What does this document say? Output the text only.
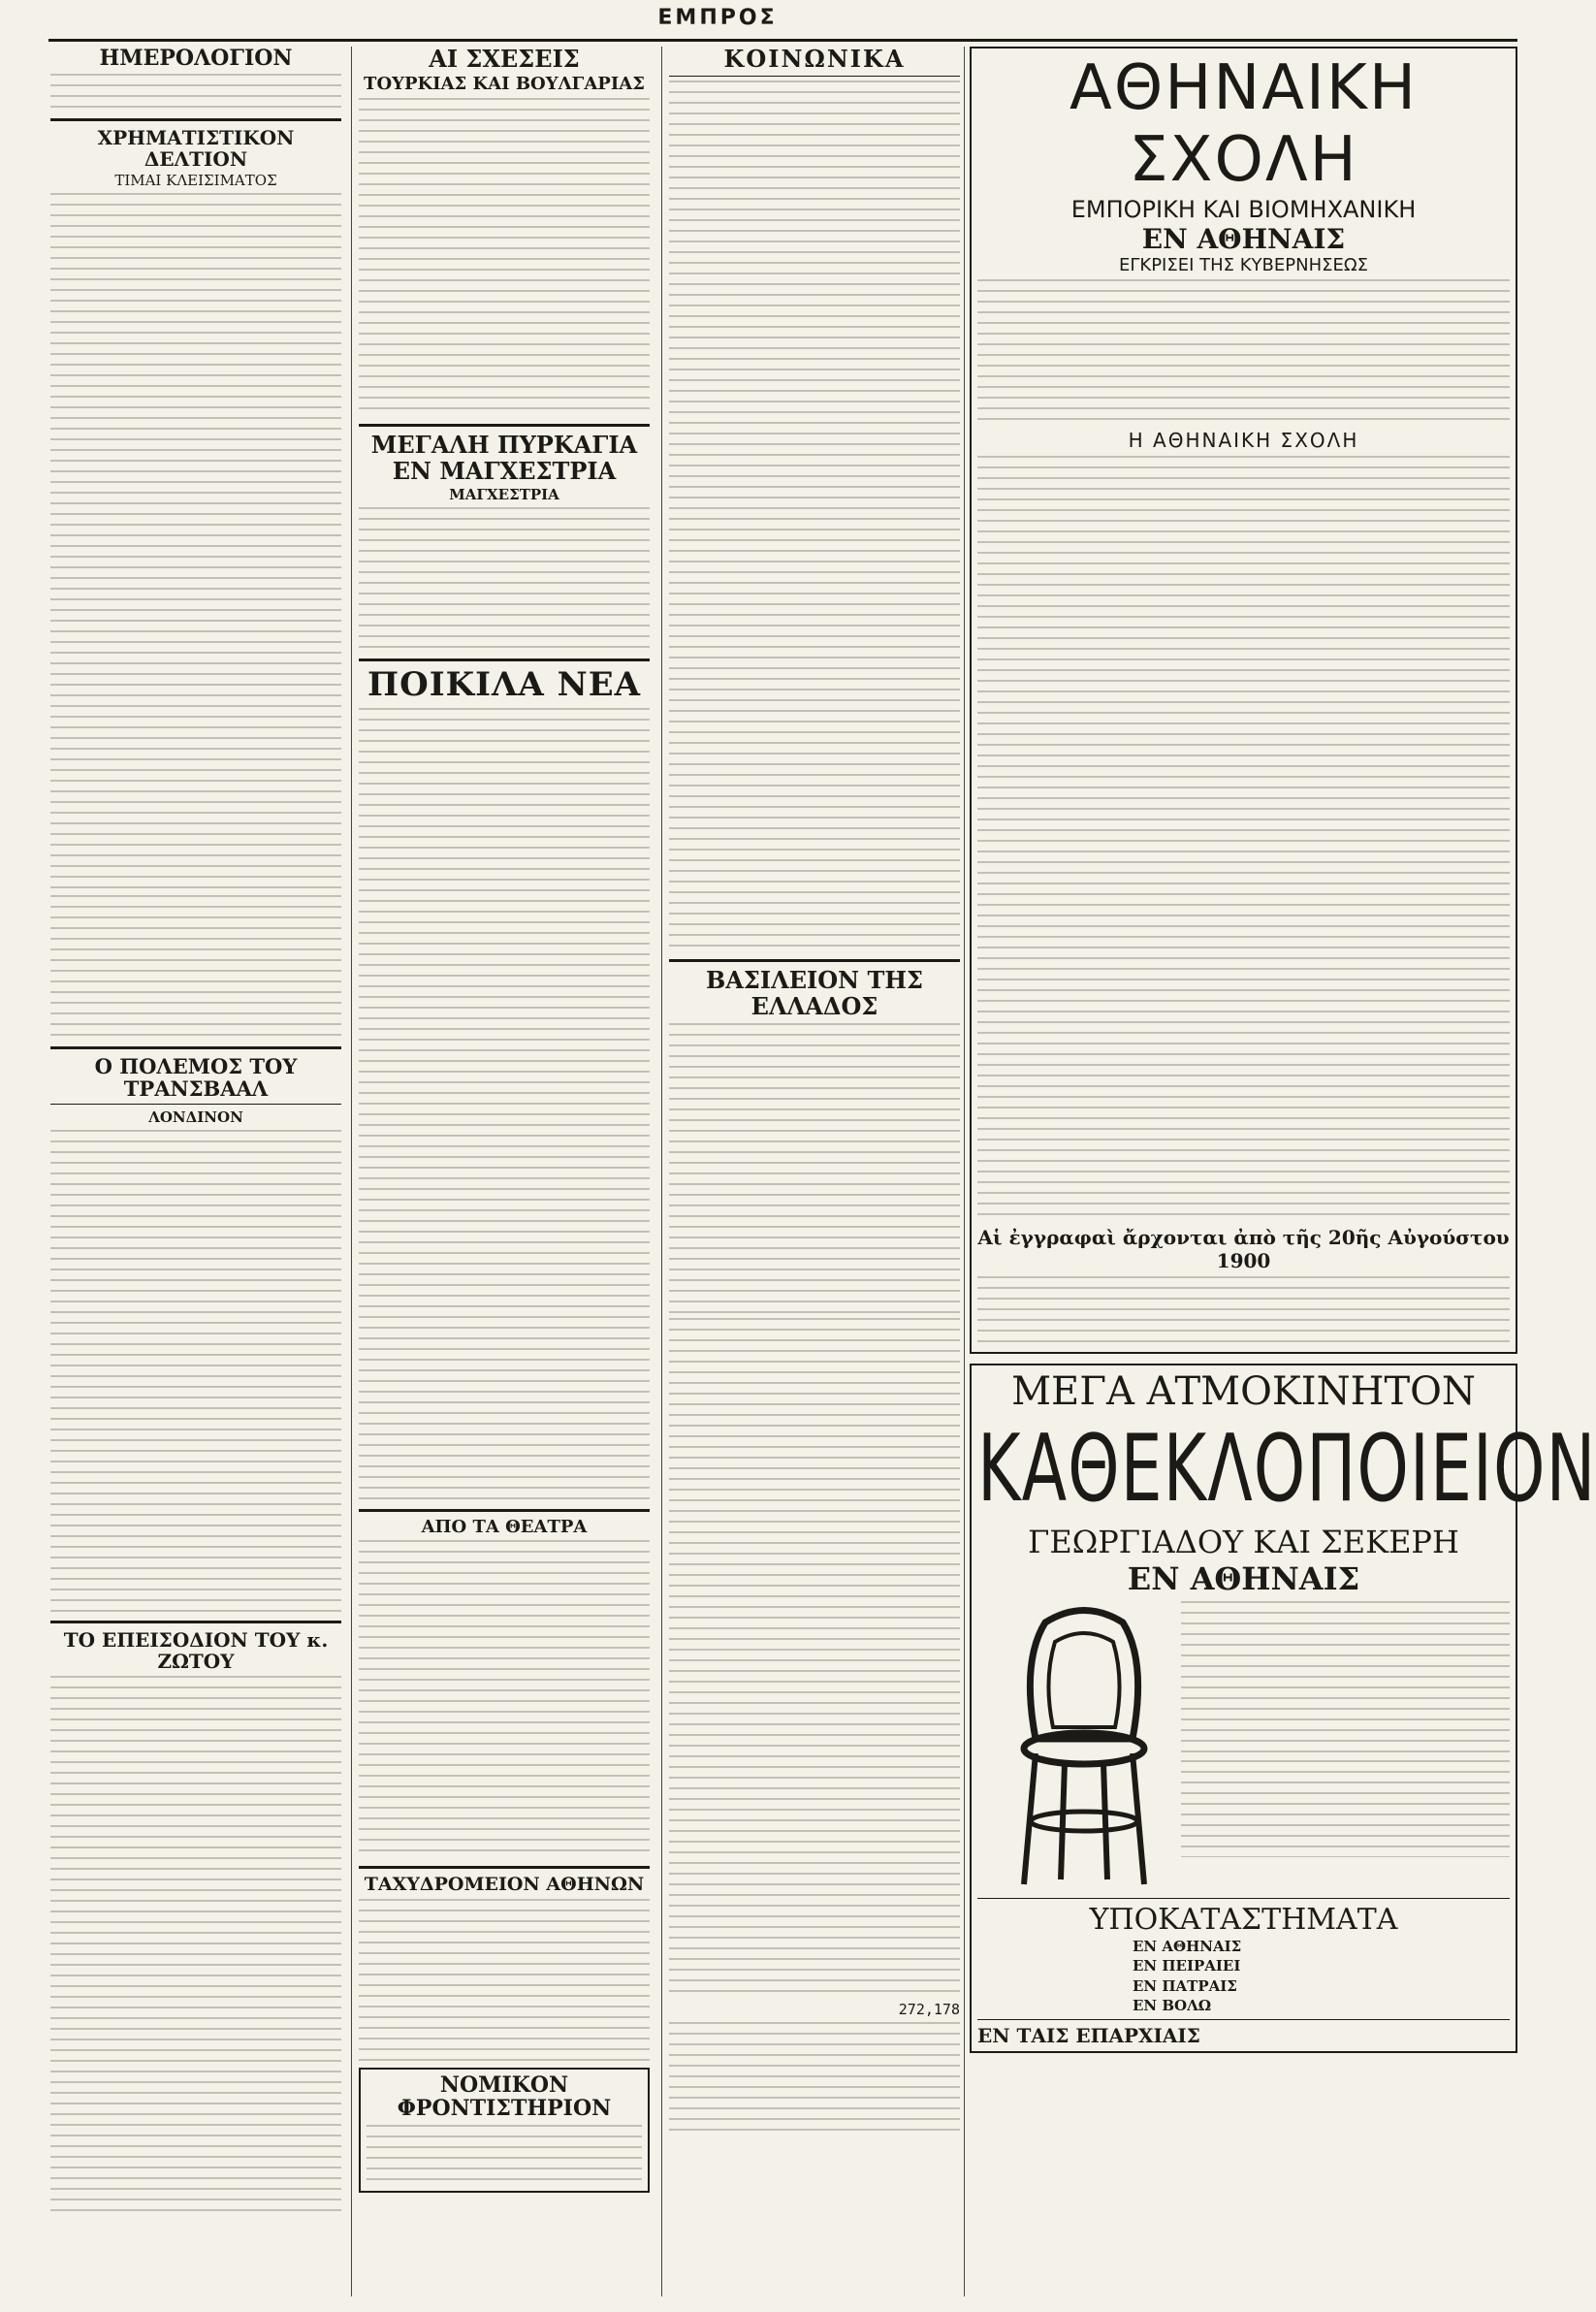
ΕΜΠΡΟΣ
ΗΜΕΡΟΛΟΓΙΟΝ
ΧΡΗΜΑΤΙΣΤΙΚΟΝ ΔΕΛΤΙΟΝ
ΤΙΜΑΙ ΚΛΕΙΣΙΜΑΤΟΣ
Ο ΠΟΛΕΜΟΣ ΤΟΥ ΤΡΑΝΣΒΑΑΛ
ΛΟΝΔΙΝΟΝ
ΤΟ ΕΠΕΙΣΟΔΙΟΝ ΤΟΥ κ. ΖΩΤΟΥ
ΑΙ ΣΧΕΣΕΙΣ
ΤΟΥΡΚΙΑΣ ΚΑΙ ΒΟΥΛΓΑΡΙΑΣ
ΜΕΓΑΛΗ ΠΥΡΚΑΓΙΑ ΕΝ ΜΑΓΧΕΣΤΡΙΑ
ΜΑΓΧΕΣΤΡΙΑ
ΠΟΙΚΙΛΑ ΝΕΑ
ΑΠΟ ΤΑ ΘΕΑΤΡΑ
ΤΑΧΥΔΡΟΜΕΙΟΝ ΑΘΗΝΩΝ
ΝΟΜΙΚΟΝ ΦΡΟΝΤΙΣΤΗΡΙΟΝ
ΚΟΙΝΩΝΙΚΑ
ΒΑΣΙΛΕΙΟΝ ΤΗΣ ΕΛΛΑΔΟΣ
272,178
ΑΘΗΝΑΙΚΗ ΣΧΟΛΗ
ΕΜΠΟΡΙΚΗ ΚΑΙ ΒΙΟΜΗΧΑΝΙΚΗ
ΕΝ ΑΘΗΝΑΙΣ
ΕΓΚΡΙΣΕΙ ΤΗΣ ΚΥΒΕΡΝΗΣΕΩΣ
Η ΑΘΗΝΑΙΚΗ ΣΧΟΛΗ
Αἱ ἐγγραφαὶ ἄρχονται ἀπὸ τῆς 20ῆς Αὐγούστου 1900
ΜΕΓΑ ΑΤΜΟΚΙΝΗΤΟΝ
ΚΑΘΕΚΛΟΠΟΙΕΙΟΝ
ΓΕΩΡΓΙΑΔΟΥ ΚΑΙ ΣΕΚΕΡΗ
ΕΝ ΑΘΗΝΑΙΣ
ΥΠΟΚΑΤΑΣΤΗΜΑΤΑ
ΕΝ ΑΘΗΝΑΙΣ
ΕΝ ΠΕΙΡΑΙΕΙ
ΕΝ ΠΑΤΡΑΙΣ
ΕΝ ΒΟΛΩ
ΕΝ ΤΑΙΣ ΕΠΑΡΧΙΑΙΣ
